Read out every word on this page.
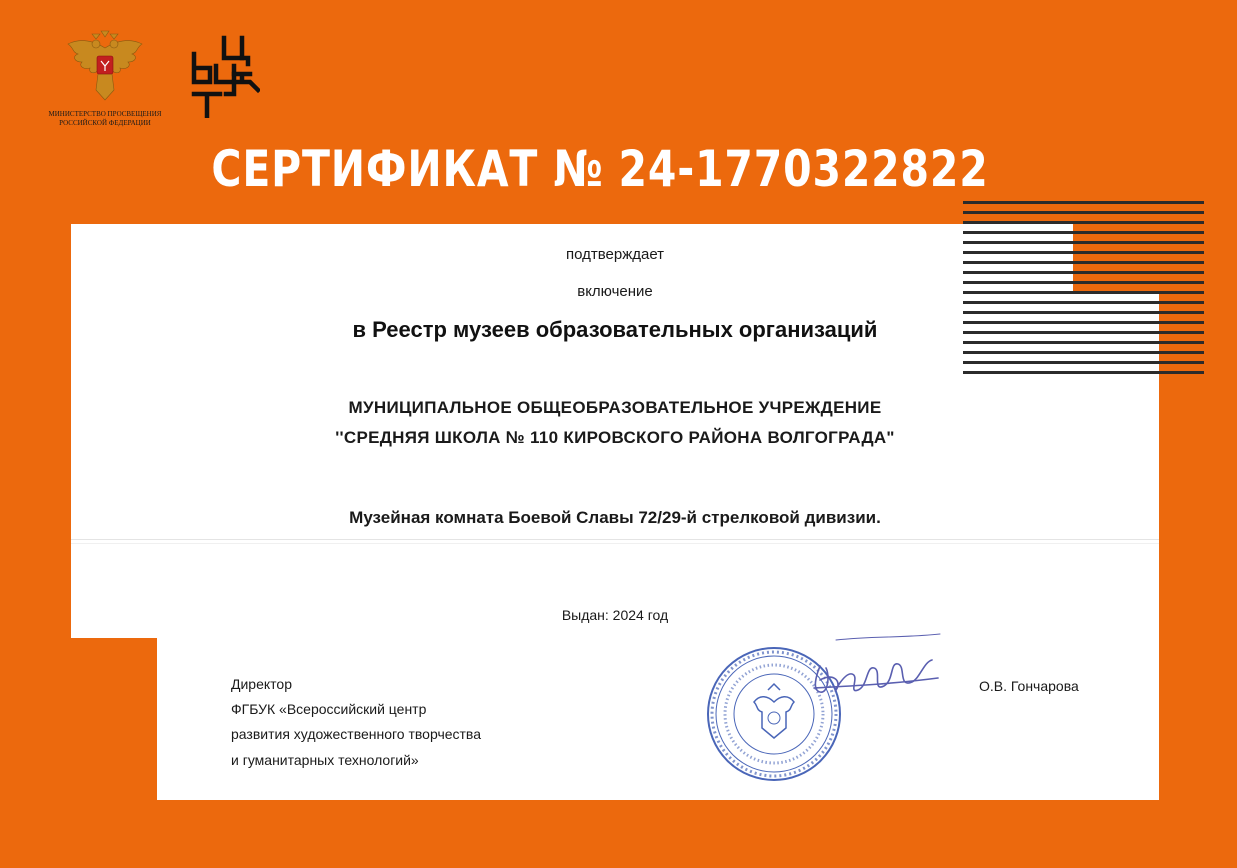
МИНИСТЕРСТВО ПРОСВЕЩЕНИЯ
РОССИЙСКОЙ ФЕДЕРАЦИИ
СЕРТИФИКАТ № 24-1770322822
подтверждает
включение
в Реестр музеев образовательных организаций
МУНИЦИПАЛЬНОЕ ОБЩЕОБРАЗОВАТЕЛЬНОЕ УЧРЕЖДЕНИЕ
''СРЕДНЯЯ ШКОЛА № 110 КИРОВСКОГО РАЙОНА ВОЛГОГРАДА"
Музейная комната Боевой Славы 72/29-й стрелковой дивизии.
Выдан: 2024 год
Директор
ФГБУК «Всероссийский центр
развития художественного творчества
и гуманитарных технологий»
О.В. Гончарова
